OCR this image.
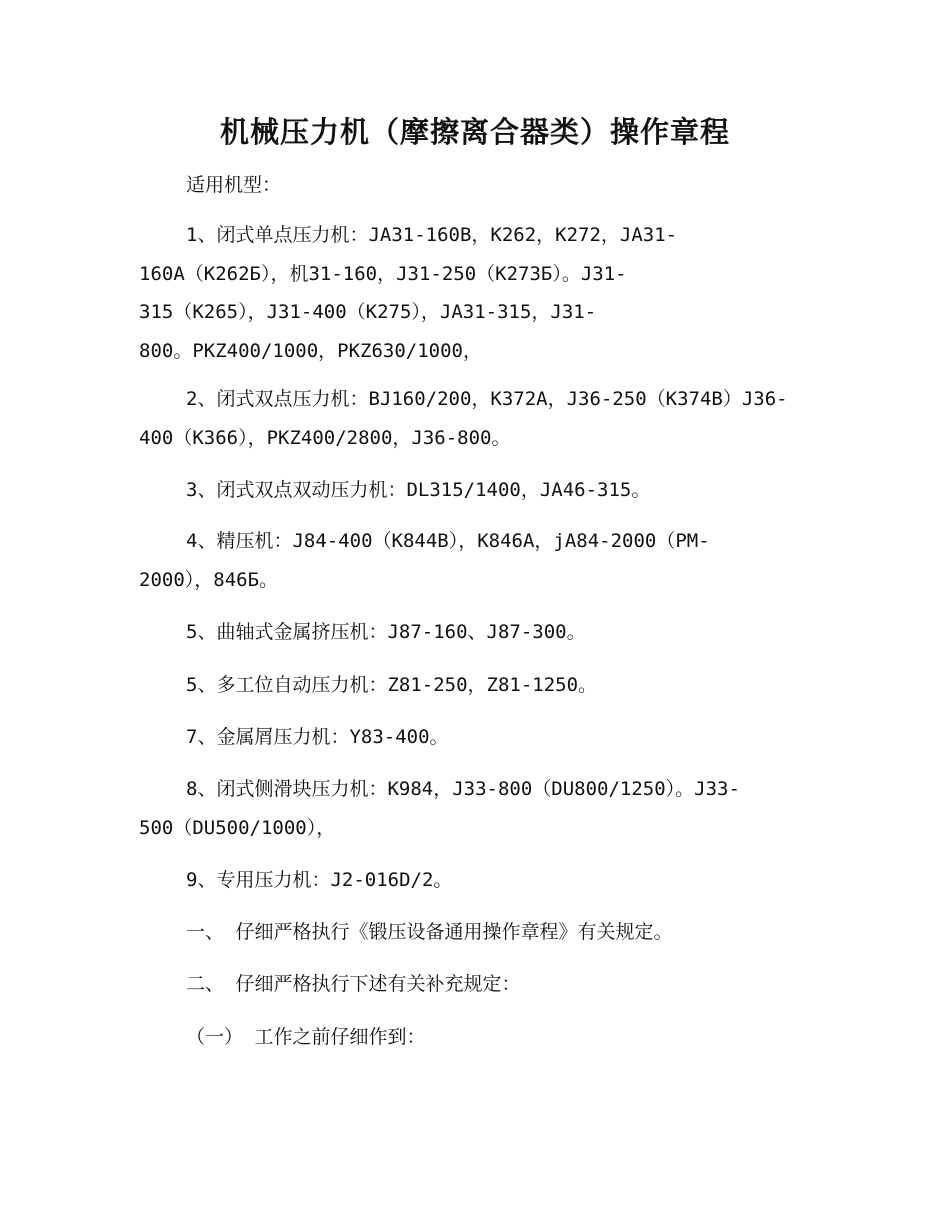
机械压力机（摩擦离合器类）操作章程

适用机型：

1、闭式单点压力机：JA31-160B，K262，K272，JA31-
160A（K262Б），机31-160，J31-250（K273Б）。J31-
315（K265），J31-400（K275），JA31-315，J31-
800。PKZ400/1000，PKZ630/1000，

2、闭式双点压力机：BJ160/200，K372A，J36-250（K374B）J36-
400（K366），PKZ400/2800，J36-800。

3、闭式双点双动压力机：DL315/1400，JA46-315。

4、精压机：J84-400（K844B），K846A，jA84-2000（PM-
2000），846Б。

5、曲轴式金属挤压机：J87-160、J87-300。

5、多工位自动压力机：Z81-250，Z81-1250。

7、金属屑压力机：Y83-400。

8、闭式侧滑块压力机：K984，J33-800（DU800/1250）。J33-
500（DU500/1000），

9、专用压力机：J2-016D/2。

一、 仔细严格执行《锻压设备通用操作章程》有关规定。

二、 仔细严格执行下述有关补充规定：

（一） 工作之前仔细作到：
